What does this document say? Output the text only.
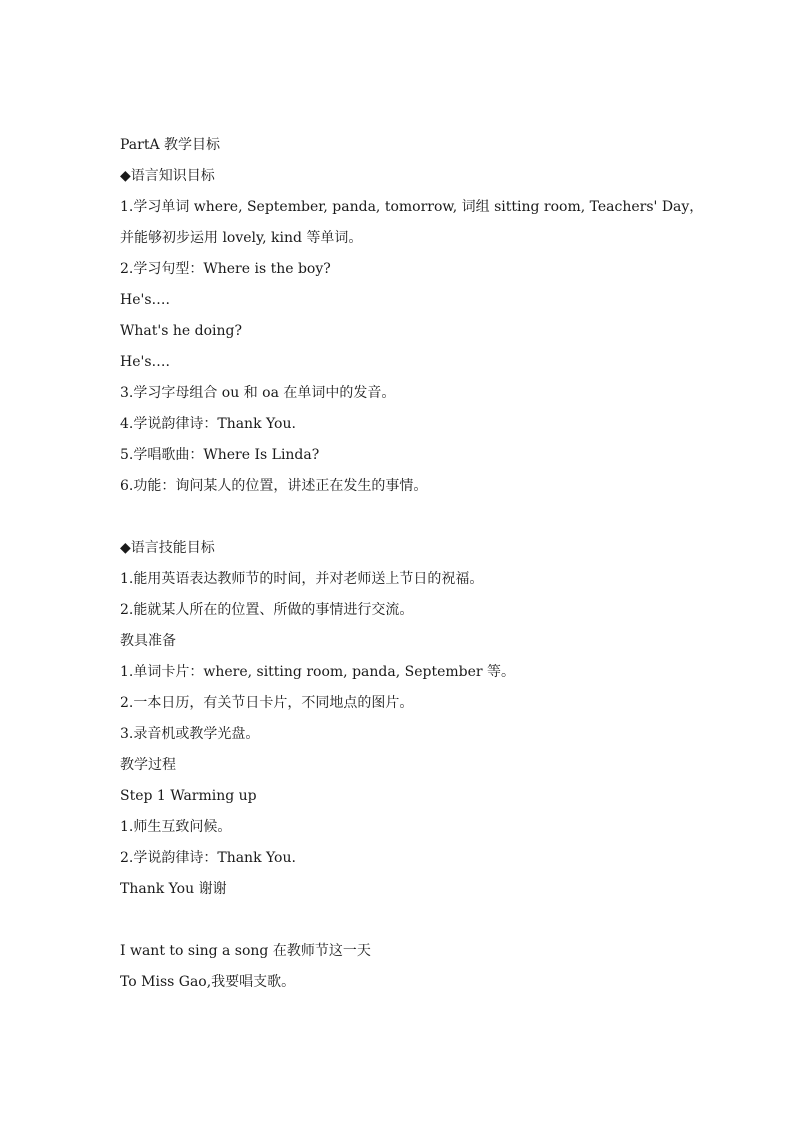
PartA 教学目标
◆语言知识目标
1.学习单词 where, September, panda, tomorrow, 词组 sitting room, Teachers' Day，
并能够初步运用 lovely, kind 等单词。
2.学习句型：Where is the boy?
He's….
What's he doing?
He's….
3.学习字母组合 ou 和 oa 在单词中的发音。
4.学说韵律诗：Thank You.
5.学唱歌曲：Where Is Linda?
6.功能：询问某人的位置，讲述正在发生的事情。
◆语言技能目标
1.能用英语表达教师节的时间，并对老师送上节日的祝福。
2.能就某人所在的位置、所做的事情进行交流。
教具准备
1.单词卡片：where, sitting room, panda, September 等。
2.一本日历，有关节日卡片，不同地点的图片。
3.录音机或教学光盘。
教学过程
Step 1 Warming up
1.师生互致问候。
2.学说韵律诗：Thank You.
Thank You 谢谢
I want to sing a song 在教师节这一天
To Miss Gao,我要唱支歌。
